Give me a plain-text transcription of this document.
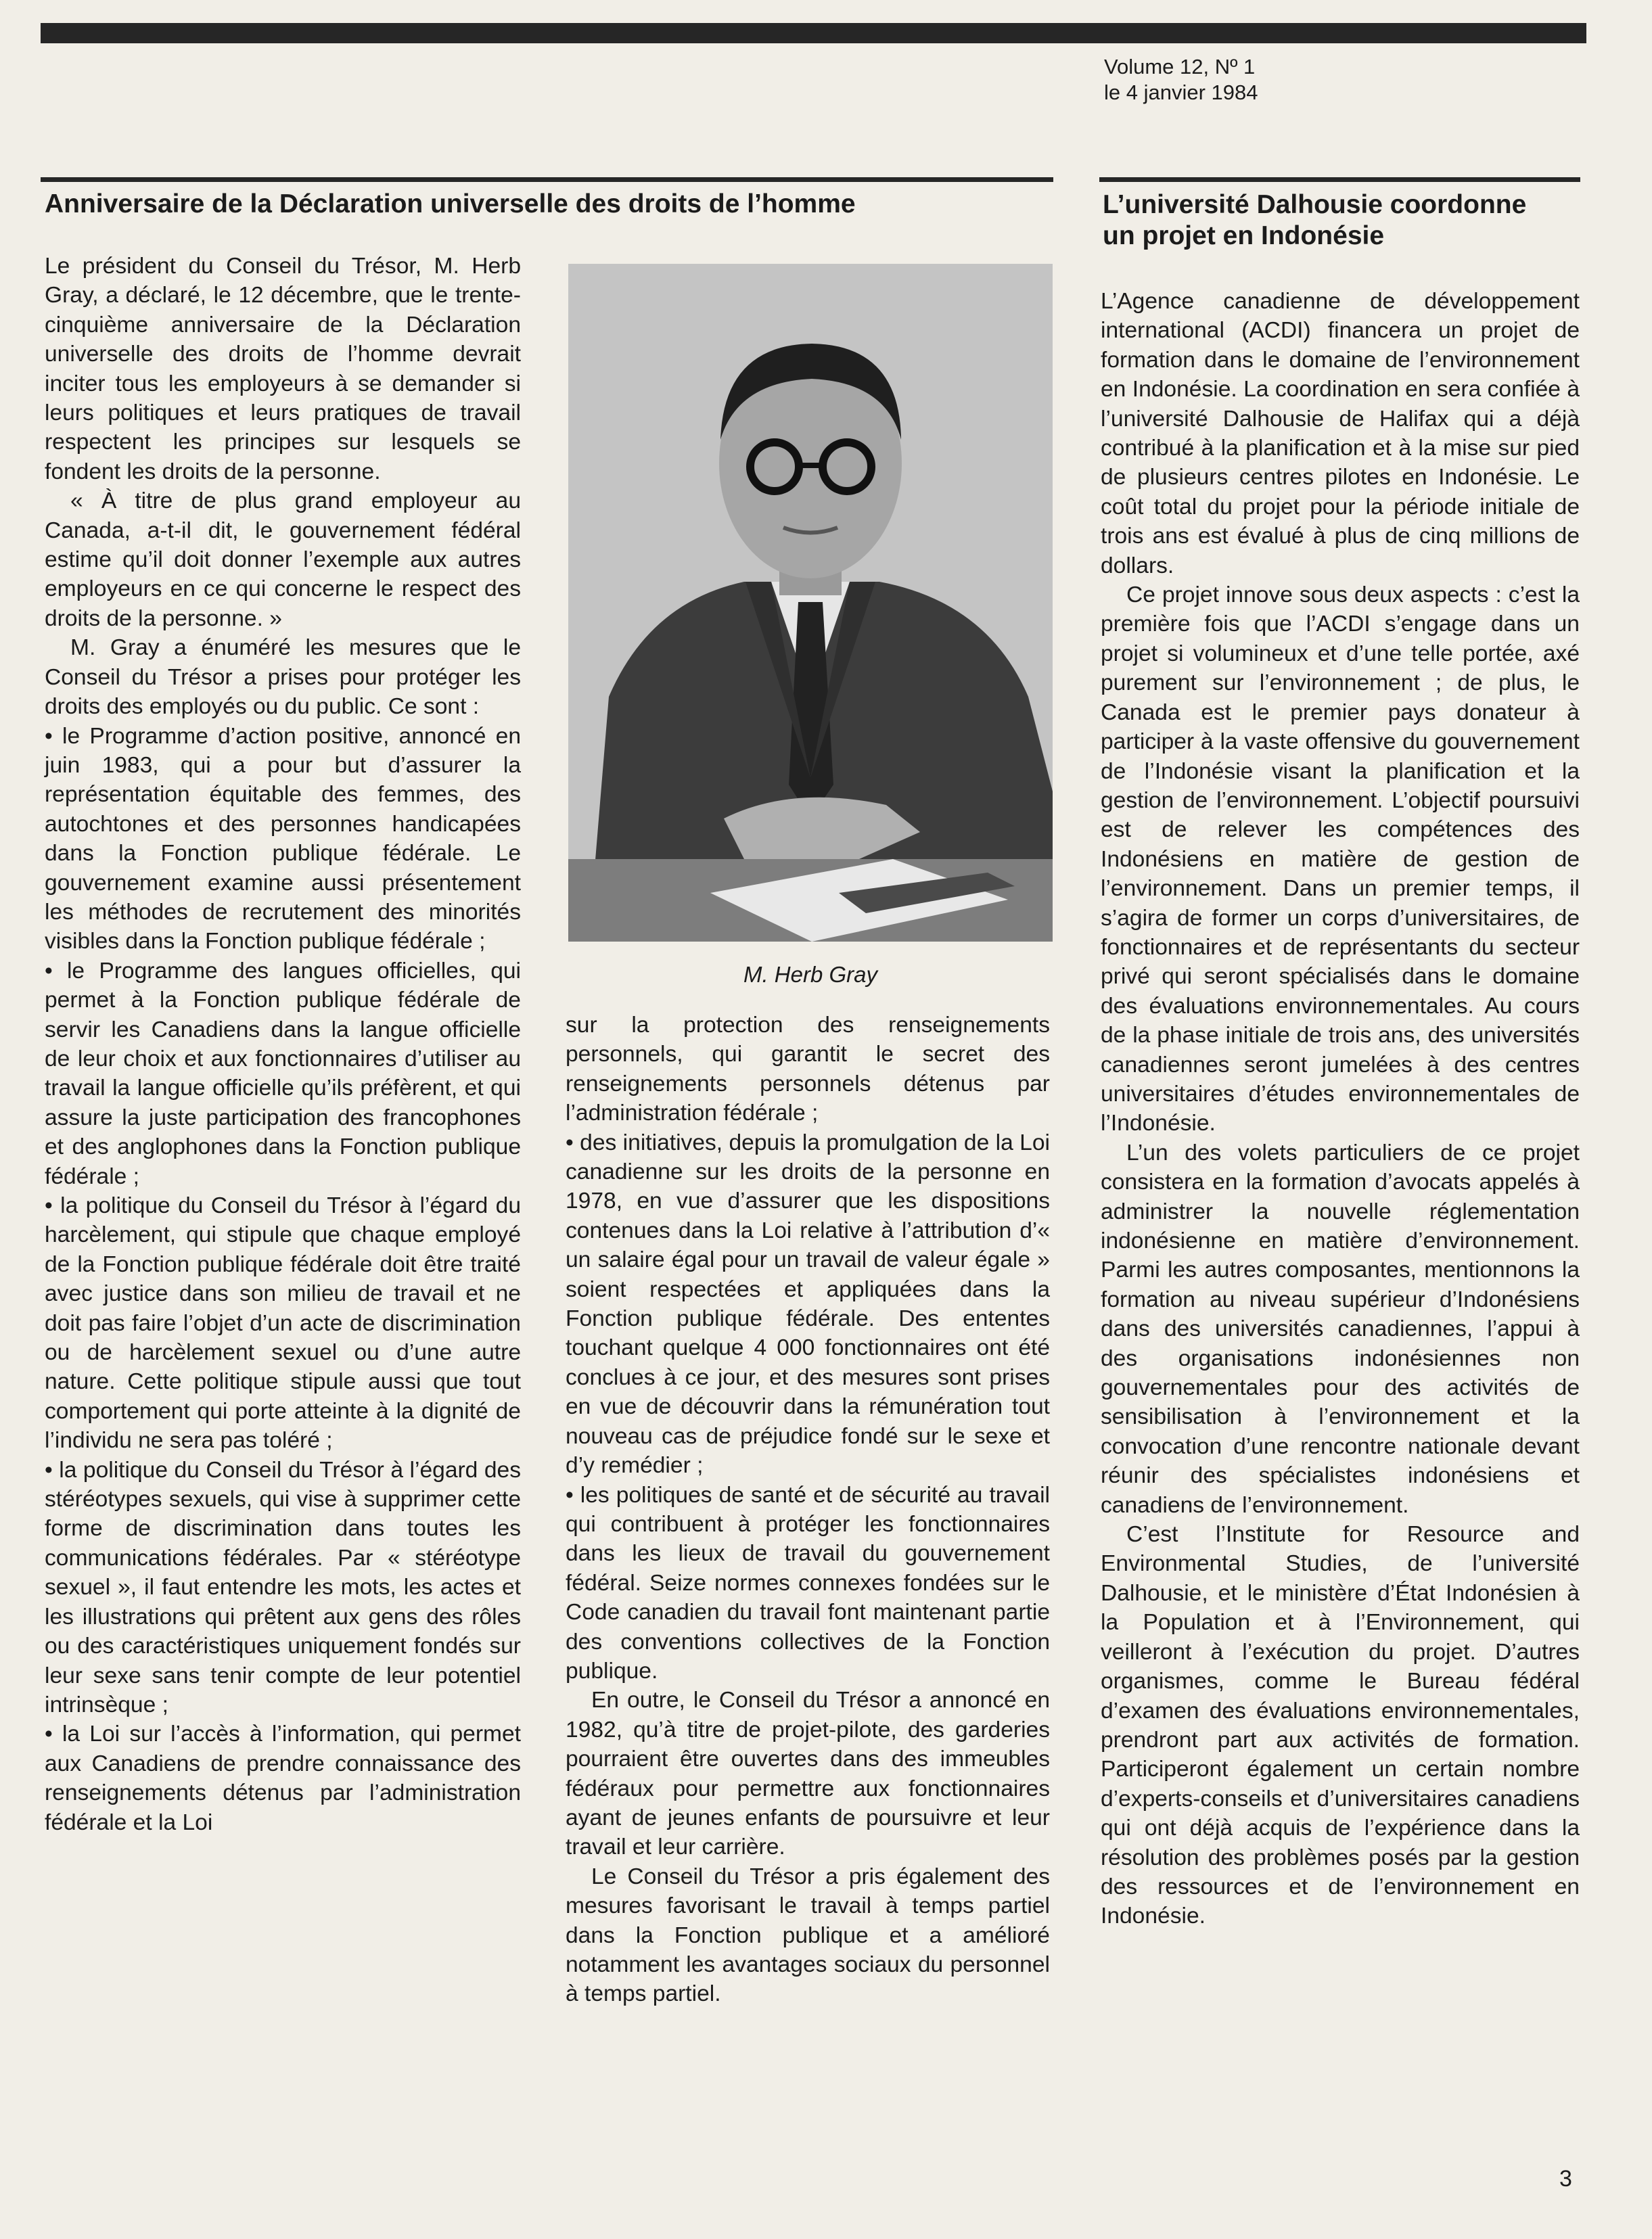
Volume 12, Nº 1
le 4 janvier 1984
Anniversaire de la Déclaration universelle des droits de l’homme	L’université Dalhousie coordonne
un projet en Indonésie

Le président du Conseil du Trésor, M. Herb Gray, a déclaré, le 12 décembre, que le trente-cinquième anniversaire de la Déclaration universelle des droits de l’homme devrait inciter tous les employeurs à se demander si leurs politiques et leurs pratiques de travail respectent les principes sur lesquels se fondent les droits de la personne.

« À titre de plus grand employeur au Canada, a-t-il dit, le gouvernement fédéral estime qu’il doit donner l’exemple aux autres employeurs en ce qui concerne le respect des droits de la personne. »

M. Gray a énuméré les mesures que le Conseil du Trésor a prises pour protéger les droits des employés ou du public. Ce sont :

• le Programme d’action positive, annoncé en juin 1983, qui a pour but d’assurer la représentation équitable des femmes, des autochtones et des personnes handicapées dans la Fonction publique fédérale. Le gouvernement examine aussi présentement les méthodes de recrutement des minorités visibles dans la Fonction publique fédérale ;

• le Programme des langues officielles, qui permet à la Fonction publique fédérale de servir les Canadiens dans la langue officielle de leur choix et aux fonctionnaires d’utiliser au travail la langue officielle qu’ils préfèrent, et qui assure la juste participation des francophones et des anglophones dans la Fonction publique fédérale ;

• la politique du Conseil du Trésor à l’égard du harcèlement, qui stipule que chaque employé de la Fonction publique fédérale doit être traité avec justice dans son milieu de travail et ne doit pas faire l’objet d’un acte de discrimination ou de harcèlement sexuel ou d’une autre nature. Cette politique stipule aussi que tout comportement qui porte atteinte à la dignité de l’individu ne sera pas toléré ;

• la politique du Conseil du Trésor à l’égard des stéréotypes sexuels, qui vise à supprimer cette forme de discrimination dans toutes les communications fédérales. Par « stéréotype sexuel », il faut entendre les mots, les actes et les illustrations qui prêtent aux gens des rôles ou des caractéristiques uniquement fondés sur leur sexe sans tenir compte de leur potentiel intrinsèque ;

• la Loi sur l’accès à l’information, qui permet aux Canadiens de prendre connaissance des renseignements détenus par l’administration fédérale et la Loi

M. Herb Gray

sur la protection des renseignements personnels, qui garantit le secret des renseignements personnels détenus par l’administration fédérale ;

• des initiatives, depuis la promulgation de la Loi canadienne sur les droits de la personne en 1978, en vue d’assurer que les dispositions contenues dans la Loi relative à l’attribution d’« un salaire égal pour un travail de valeur égale » soient respectées et appliquées dans la Fonction publique fédérale. Des ententes touchant quelque 4 000 fonctionnaires ont été conclues à ce jour, et des mesures sont prises en vue de découvrir dans la rémunération tout nouveau cas de préjudice fondé sur le sexe et d’y remédier ;

• les politiques de santé et de sécurité au travail qui contribuent à protéger les fonctionnaires dans les lieux de travail du gouvernement fédéral. Seize normes connexes fondées sur le Code canadien du travail font maintenant partie des conventions collectives de la Fonction publique.

En outre, le Conseil du Trésor a annoncé en 1982, qu’à titre de projet-pilote, des garderies pourraient être ouvertes dans des immeubles fédéraux pour permettre aux fonctionnaires ayant de jeunes enfants de poursuivre et leur travail et leur carrière.

Le Conseil du Trésor a pris également des mesures favorisant le travail à temps partiel dans la Fonction publique et a amélioré notamment les avantages sociaux du personnel à temps partiel.

L’Agence canadienne de développement international (ACDI) financera un projet de formation dans le domaine de l’environnement en Indonésie. La coordination en sera confiée à l’université Dalhousie de Halifax qui a déjà contribué à la planification et à la mise sur pied de plusieurs centres pilotes en Indonésie. Le coût total du projet pour la période initiale de trois ans est évalué à plus de cinq millions de dollars.

Ce projet innove sous deux aspects : c’est la première fois que l’ACDI s’engage dans un projet si volumineux et d’une telle portée, axé purement sur l’environnement ; de plus, le Canada est le premier pays donateur à participer à la vaste offensive du gouvernement de l’Indonésie visant la planification et la gestion de l’environnement. L’objectif poursuivi est de relever les compétences des Indonésiens en matière de gestion de l’environnement. Dans un premier temps, il s’agira de former un corps d’universitaires, de fonctionnaires et de représentants du secteur privé qui seront spécialisés dans le domaine des évaluations environnementales. Au cours de la phase initiale de trois ans, des universités canadiennes seront jumelées à des centres universitaires d’études environnementales de l’Indonésie.

L’un des volets particuliers de ce projet consistera en la formation d’avocats appelés à administrer la nouvelle réglementation indonésienne en matière d’environnement. Parmi les autres composantes, mentionnons la formation au niveau supérieur d’Indonésiens dans des universités canadiennes, l’appui à des organisations indonésiennes non gouvernementales pour des activités de sensibilisation à l’environnement et la convocation d’une rencontre nationale devant réunir des spécialistes indonésiens et canadiens de l’environnement.

C’est l’Institute for Resource and Environmental Studies, de l’université Dalhousie, et le ministère d’État Indonésien à la Population et à l’Environnement, qui veilleront à l’exécution du projet. D’autres organismes, comme le Bureau fédéral d’examen des évaluations environnementales, prendront part aux activités de formation. Participeront également un certain nombre d’experts-conseils et d’universitaires canadiens qui ont déjà acquis de l’expérience dans la résolution des problèmes posés par la gestion des ressources et de l’environnement en Indonésie.

3
